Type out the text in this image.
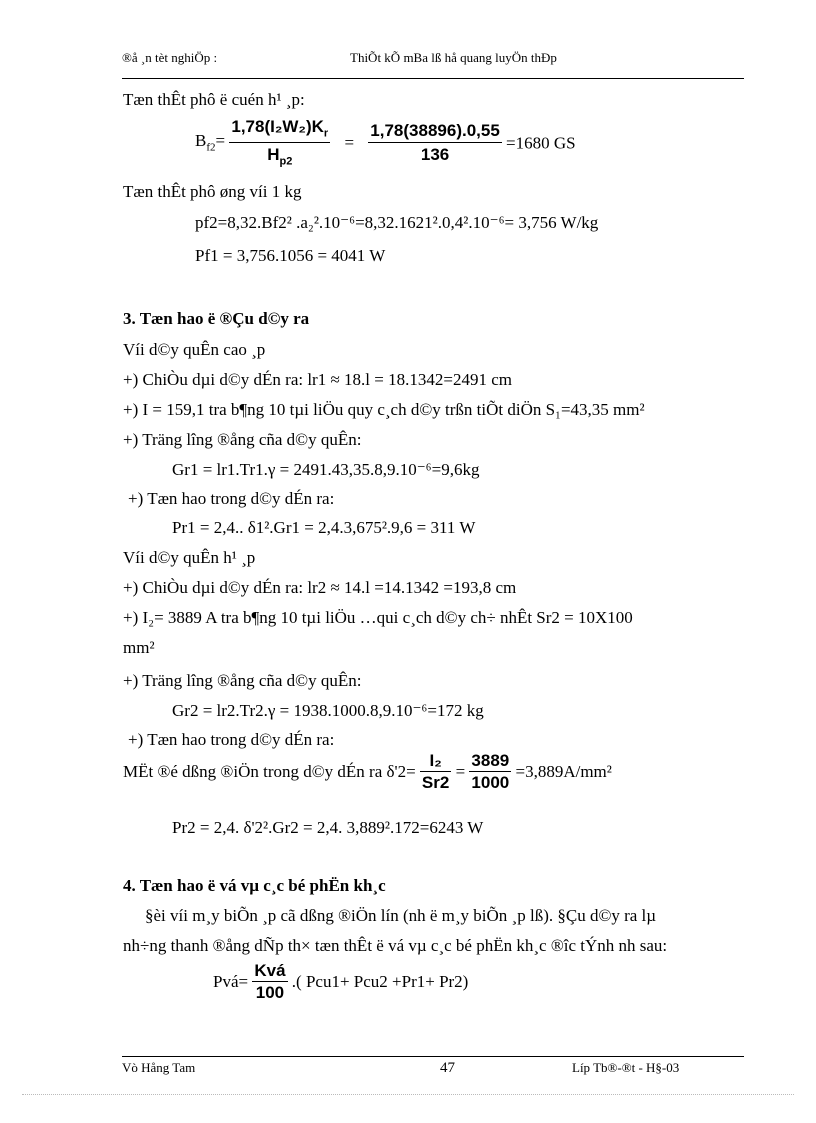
®å ¸n tèt nghiÖp :	ThiÕt kÕ mBa lß hå quang luyÖn thÐp
Tæn thÊt phô ë cuén h¹ ¸p:
$B_{f2}= \frac{1,78(I_2W_2)K_r}{H_{p2}} = \frac{1,78(38896).0,55}{136} =1680$ GS
Tæn thÊt phô øng víi 1 kg
pf2=8,32.Bf2² .a₂².10⁻⁶=8,32.1621².0,4².10⁻⁶= 3,756 W/kg
Pf1 = 3,756.1056 = 4041 W
3. Tæn hao ë ®Çu d©y ra
Víi d©y quÊn cao ¸p
+) ChiÒu dµi d©y dÉn ra: lr1 ≈ 18.l = 18.1342=2491 cm
+) I = 159,1 tra b¶ng 10 tµi liÖu quy c¸ch d©y trßn tiÕt diÖn S₁=43,35 mm²
+) Träng lîng ®ång cña d©y quÊn:
Gr1 = lr1.Tr1.γ = 2491.43,35.8,9.10⁻⁶=9,6kg
+) Tæn hao trong d©y dÉn ra:
Pr1 = 2,4.. δ1².Gr1 = 2,4.3,675².9,6 = 311 W
Víi d©y quÊn h¹ ¸p
+) ChiÒu dµi d©y dÉn ra: lr2 ≈ 14.l =14.1342 =193,8 cm
+) I₂= 3889 A tra b¶ng 10 tµi liÖu …qui c¸ch d©y ch÷ nhÊt Sr2 = 10X100
mm²
+) Träng lîng ®ång cña d©y quÊn:
Gr2 = lr2.Tr2.γ = 1938.1000.8,9.10⁻⁶=172 kg
+) Tæn hao trong d©y dÉn ra:
MËt ®é dßng ®iÖn trong d©y dÉn ra $\delta'2= \frac{\text{I₂}}{Sr2} = \frac{3889}{1000} =3,889A/mm^2$
Pr2 = 2,4. δ'2².Gr2 = 2,4. 3,889².172=6243 W
4. Tæn hao ë vá vµ c¸c bé phËn kh¸c
§èi víi m¸y biÕn ¸p cã dßng ®iÖn lín (nh ë m¸y biÕn ¸p lß). §Çu d©y ra lµ
nh÷ng thanh ®ång dÑp th× tæn thÊt ë vá vµ c¸c bé phËn kh¸c ®îc tÝnh nh sau:
Pvá= $\frac{\text{Kvá}}{100}$ .( Pcu1+ Pcu2 +Pr1+ Pr2)
Vò Hång Tam	47	Líp Tb®-®t - H§-03
